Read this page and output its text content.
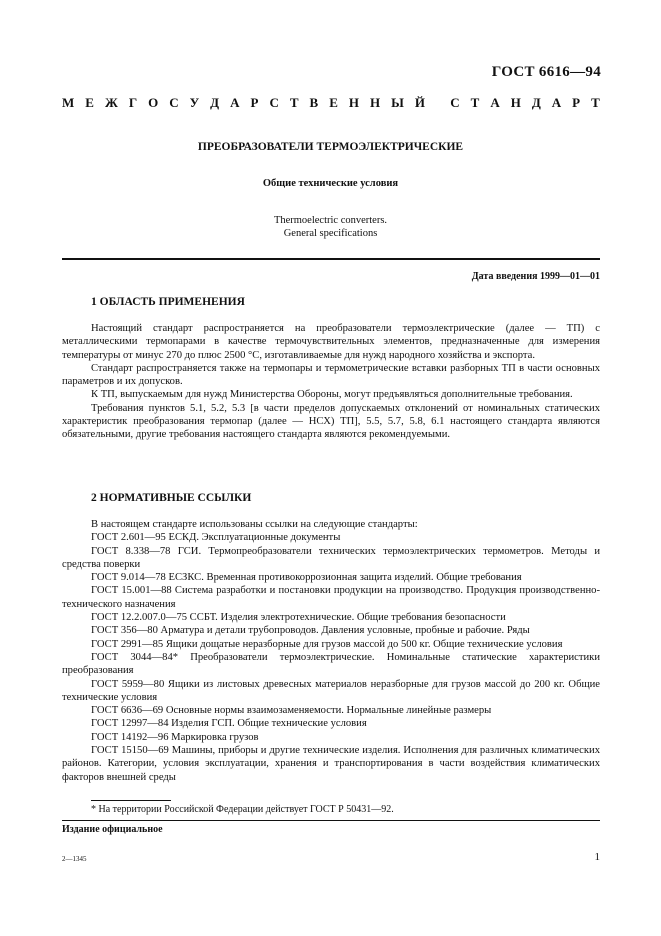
ГОСТ 6616—94
М Е Ж Г О С У Д А Р С Т В Е Н Н Ы Й
С Т А Н Д А Р Т
ПРЕОБРАЗОВАТЕЛИ ТЕРМОЭЛЕКТРИЧЕСКИЕ
Общие технические условия
Thermoelectric converters.
General specifications
Дата введения 1999—01—01
1 ОБЛАСТЬ ПРИМЕНЕНИЯ

Настоящий стандарт распространяется на преобразователи термоэлектрические (далее — ТП) с металлическими термопарами в качестве термочувствительных элементов, предназначенные для измерения температуры от минус 270 до плюс 2500 °С, изготавливаемые для нужд народного хозяйства и экспорта.

Стандарт распространяется также на термопары и термометрические вставки разборных ТП в части основных параметров и их допусков.

К ТП, выпускаемым для нужд Министерства Обороны, могут предъявляться дополнительные требования.

Требования пунктов 5.1, 5.2, 5.3 [в части пределов допускаемых отклонений от номинальных статических характеристик преобразования термопар (далее — НСХ) ТП], 5.5, 5.7, 5.8, 6.1 настоящего стандарта являются обязательными, другие требования настоящего стандарта являются рекомендуемыми.

2 НОРМАТИВНЫЕ ССЫЛКИ

В настоящем стандарте использованы ссылки на следующие стандарты:

ГОСТ 2.601—95 ЕСКД. Эксплуатационные документы

ГОСТ 8.338—78 ГСИ. Термопреобразователи технических термоэлектрических термометров. Методы и средства поверки

ГОСТ 9.014—78 ЕСЗКС. Временная противокоррозионная защита изделий. Общие требования

ГОСТ 15.001—88 Система разработки и постановки продукции на производство. Продукция производственно-технического назначения

ГОСТ 12.2.007.0—75 ССБТ. Изделия электротехнические. Общие требования безопасности

ГОСТ 356—80 Арматура и детали трубопроводов. Давления условные, пробные и рабочие. Ряды

ГОСТ 2991—85 Ящики дощатые неразборные для грузов массой до 500 кг. Общие технические условия

ГОСТ 3044—84* Преобразователи термоэлектрические. Номинальные статические характеристики преобразования

ГОСТ 5959—80 Ящики из листовых древесных материалов неразборные для грузов массой до 200 кг. Общие технические условия

ГОСТ 6636—69 Основные нормы взаимозаменяемости. Нормальные линейные размеры

ГОСТ 12997—84 Изделия ГСП. Общие технические условия

ГОСТ 14192—96 Маркировка грузов

ГОСТ 15150—69 Машины, приборы и другие технические изделия. Исполнения для различных климатических районов. Категории, условия эксплуатации, хранения и транспортирования в части воздействия климатических факторов внешней среды

* На территории Российской Федерации действует ГОСТ Р 50431—92.
Издание официальное
2—1345	1
